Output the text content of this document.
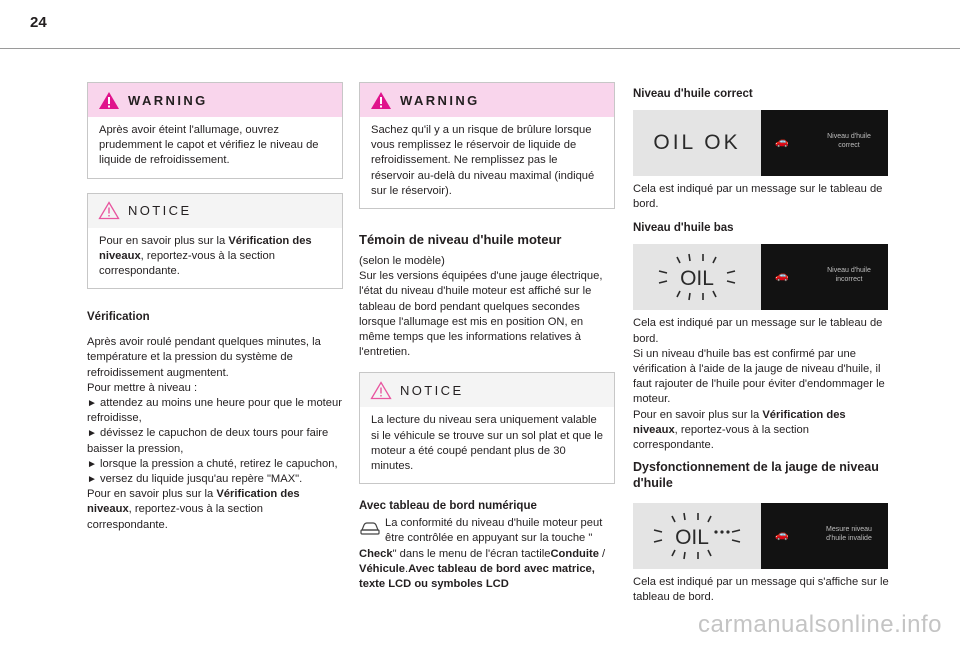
24
WARNING
Après avoir éteint l'allumage, ouvrez prudemment le capot et vérifiez le niveau de liquide de refroidissement.
NOTICE
Pour en savoir plus sur la Vérification des niveaux, reportez-vous à la section correspondante.
Vérification

Après avoir roulé pendant quelques minutes, la température et la pression du système de refroidissement augmentent.

Pour mettre à niveau :

► attendez au moins une heure pour que le moteur refroidisse,

► dévissez le capuchon de deux tours pour faire baisser la pression,

► lorsque la pression a chuté, retirez le capuchon,

► versez du liquide jusqu'au repère "MAX".

Pour en savoir plus sur la Vérification des niveaux, reportez-vous à la section correspondante.

WARNING
Sachez qu'il y a un risque de brûlure lorsque vous remplissez le réservoir de liquide de refroidissement. Ne remplissez pas le réservoir au-delà du niveau maximal (indiqué sur le réservoir).
Témoin de niveau d'huile moteur

(selon le modèle)

Sur les versions équipées d'une jauge électrique, l'état du niveau d'huile moteur est affiché sur le tableau de bord pendant quelques secondes lorsque l'allumage est mis en position ON, en même temps que les informations relatives à l'entretien.

NOTICE
La lecture du niveau sera uniquement valable si le véhicule se trouve sur un sol plat et que le moteur a été coupé pendant plus de 30 minutes.
Avec tableau de bord numérique

La conformité du niveau d'huile moteur peut être contrôlée en appuyant sur la touche "

Check" dans le menu de l'écran tactileConduite / Véhicule.Avec tableau de bord avec matrice, texte LCD ou symboles LCD

Niveau d'huile correct
OIL OK	🚗	Niveau d'huile correct

Cela est indiqué par un message sur le tableau de bord.

Niveau d'huile bas
OIL	🚗	Niveau d'huile incorrect

Cela est indiqué par un message sur le tableau de bord.

Si un niveau d'huile bas est confirmé par une vérification à l'aide de la jauge de niveau d'huile, il faut rajouter de l'huile pour éviter d'endommager le moteur.

Pour en savoir plus sur la Vérification des niveaux, reportez-vous à la section correspondante.

Dysfonctionnement de la jauge de niveau d'huile
OIL	🚗	Mesure niveau d'huile invalide

Cela est indiqué par un message qui s'affiche sur le tableau de bord.

carmanualsonline.info
